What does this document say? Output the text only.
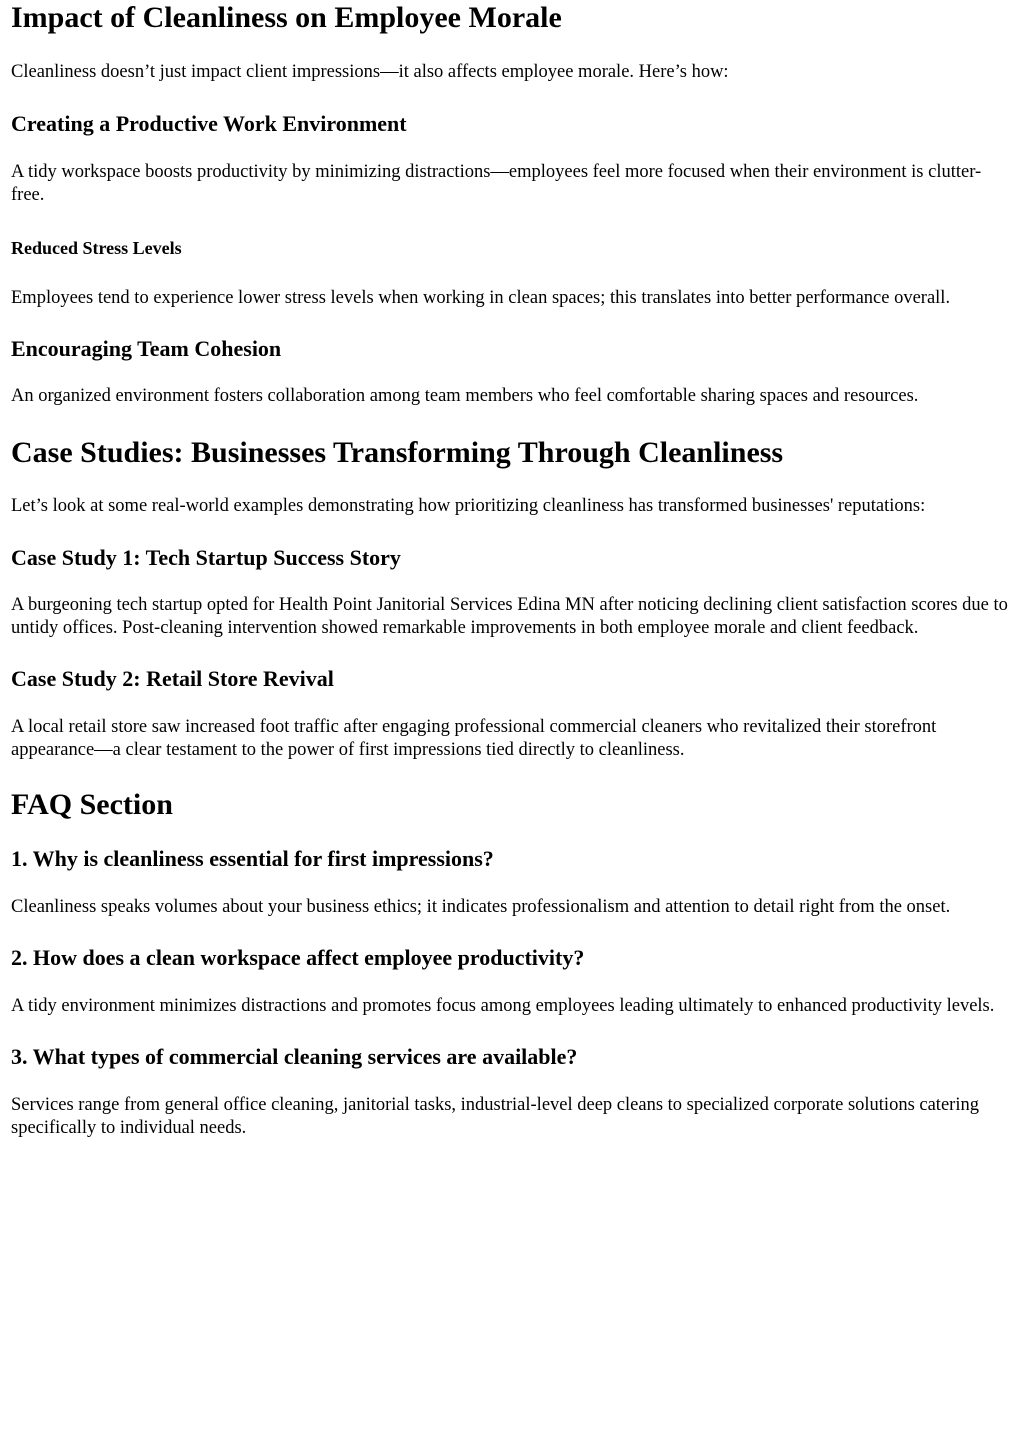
Impact of Cleanliness on Employee Morale

Cleanliness doesn’t just impact client impressions—it also affects employee morale. Here’s how:

Creating a Productive Work Environment

A tidy workspace boosts productivity by minimizing distractions—employees feel more focused when their environment is clutter-free.

Reduced Stress Levels

Employees tend to experience lower stress levels when working in clean spaces; this translates into better performance overall.

Encouraging Team Cohesion

An organized environment fosters collaboration among team members who feel comfortable sharing spaces and resources.

Case Studies: Businesses Transforming Through Cleanliness

Let’s look at some real-world examples demonstrating how prioritizing cleanliness has transformed businesses' reputations:

Case Study 1: Tech Startup Success Story

A burgeoning tech startup opted for Health Point Janitorial Services Edina MN after noticing declining client satisfaction scores due to untidy offices. Post-cleaning intervention showed remarkable improvements in both employee morale and client feedback.

Case Study 2: Retail Store Revival

A local retail store saw increased foot traffic after engaging professional commercial cleaners who revitalized their storefront appearance—a clear testament to the power of first impressions tied directly to cleanliness.

FAQ Section
1. Why is cleanliness essential for first impressions?

Cleanliness speaks volumes about your business ethics; it indicates professionalism and attention to detail right from the onset.

2. How does a clean workspace affect employee productivity?

A tidy environment minimizes distractions and promotes focus among employees leading ultimately to enhanced productivity levels.

3. What types of commercial cleaning services are available?

Services range from general office cleaning, janitorial tasks, industrial-level deep cleans to specialized corporate solutions catering specifically to individual needs.
